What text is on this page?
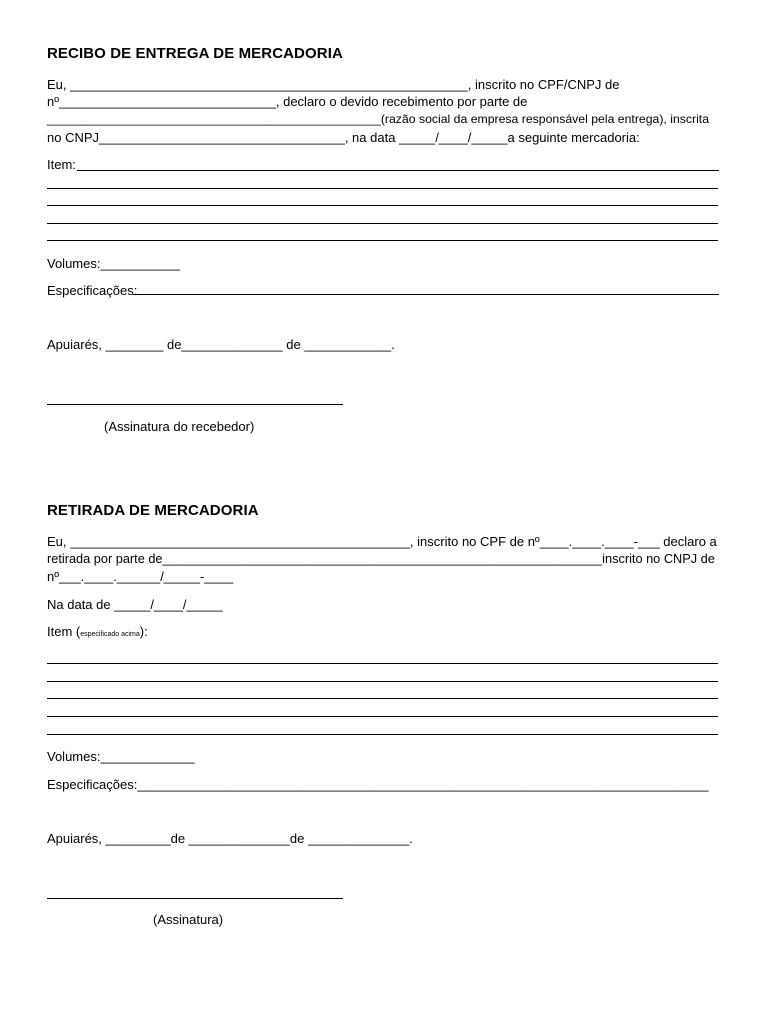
RECIBO DE ENTREGA DE MERCADORIA
Eu, _______________________________________________________, inscrito no CPF/CNPJ de
nº______________________________, declaro o devido recebimento por parte de
_________________________________________________(razão social da empresa responsável pela entrega), inscrita
no CNPJ__________________________________, na data _____/____/_____a seguinte mercadoria:
Item:
Volumes:___________
Especificações:
Apuiarés, ________ de______________ de ____________.
(Assinatura do recebedor)
RETIRADA DE MERCADORIA
Eu, _______________________________________________, inscrito no CPF de nº____.____.____-___ declaro a
retirada por parte de______________________________________________________________inscrito no CNPJ de
nº___.____.______/_____-____
Na data de _____/____/_____
Item (especificado acima):
Volumes:_____________
Especificações:_______________________________________________________________________________
Apuiarés, _________de ______________de ______________.
(Assinatura)
